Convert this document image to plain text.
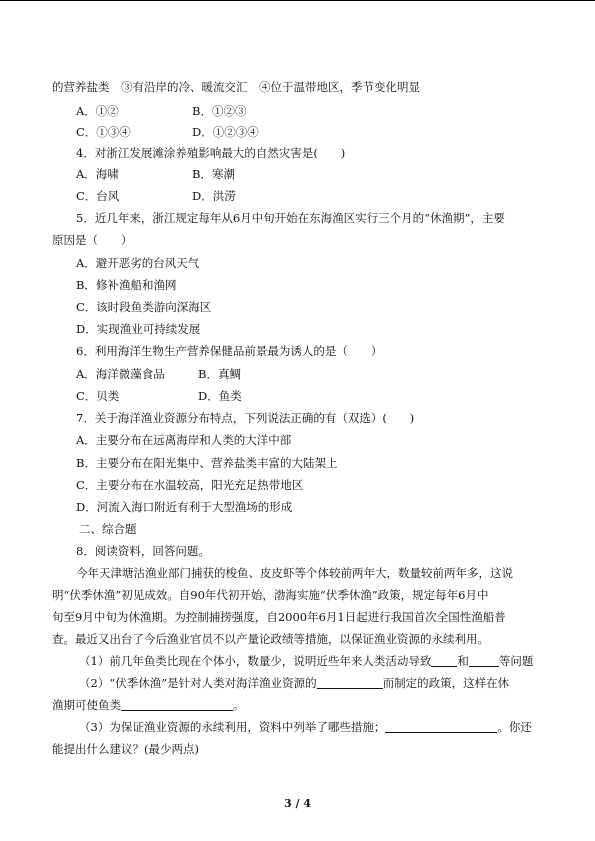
的营养盐类　③有沿岸的冷、暖流交汇　④位于温带地区，季节变化明显
A．①②	B．①②③
C．①③④	D．①②③④
4．对浙江发展滩涂养殖影响最大的自然灾害是(　　)
A．海啸	B．寒潮
C．台风	D．洪涝
5．近几年来，浙江规定每年从6月中旬开始在东海渔区实行三个月的“休渔期”，主要
原因是（　　）
A．避开恶劣的台风天气
B．修补渔船和渔网
C．该时段鱼类游向深海区
D．实现渔业可持续发展
6．利用海洋生物生产营养保健品前景最为诱人的是（　　）
A．海洋微藻食品	B．真鲷
C．贝类	D．鱼类
7．关于海洋渔业资源分布特点，下列说法正确的有（双选）(　　)
A．主要分布在远离海岸和人类的大洋中部
B．主要分布在阳光集中、营养盐类丰富的大陆架上
C．主要分布在水温较高，阳光充足热带地区
D．河流入海口附近有利于大型渔场的形成
二、综合题
8．阅读资料，回答问题。
今年天津塘沽渔业部门捕获的梭鱼、皮皮虾等个体较前两年大，数量较前两年多，这说
明“伏季休渔”初见成效。自90年代初开始，渤海实施“伏季休渔”政策，规定每年6月中
旬至9月中旬为休渔期。为控制捕捞强度，自2000年6月1日起进行我国首次全国性渔船普
查。最近又出台了今后渔业官员不以产量论政绩等措施，以保证渔业资源的永续利用。
（1）前几年鱼类比现在个体小，数量少，说明近些年来人类活动导致 和	等问题
（2）“伏季休渔”是针对人类对海洋渔业资源的	而制定的政策，这样在休
渔期可使鱼类	。
（3）为保证渔业资源的永续利用，资料中列举了哪些措施；	。你还
能提出什么建议？(最少两点)
3 / 4
